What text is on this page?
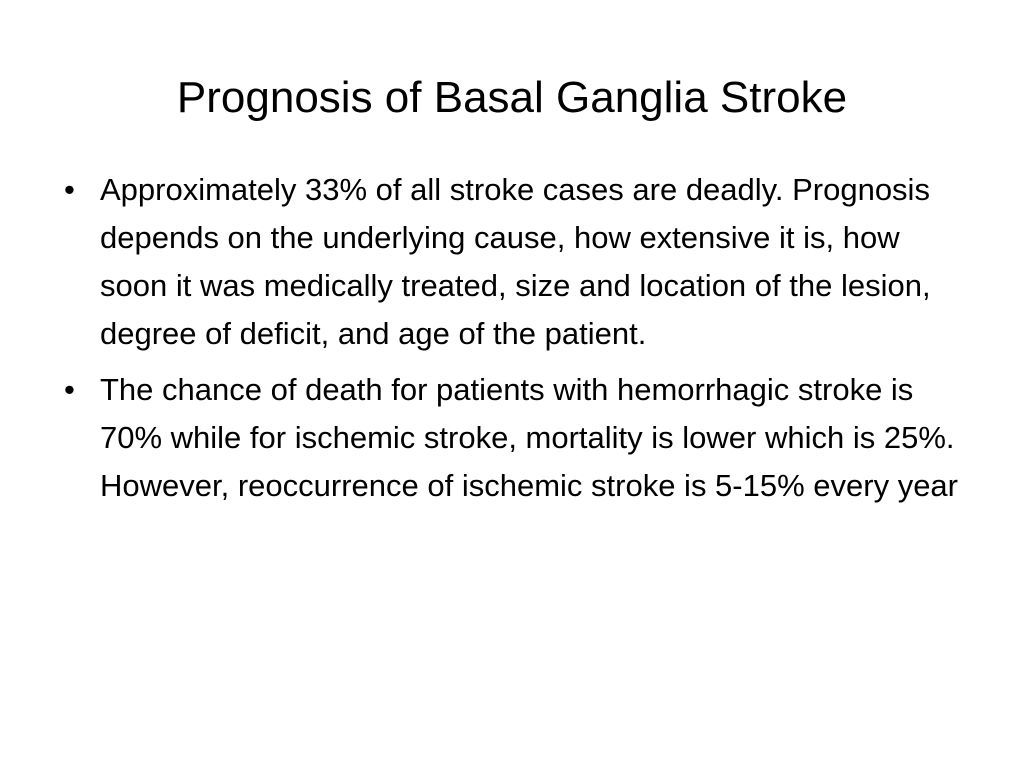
Prognosis of Basal Ganglia Stroke
• Approximately 33% of all stroke cases are deadly. Prognosis depends on the underlying cause, how extensive it is, how soon it was medically treated, size and location of the lesion, degree of deficit, and age of the patient.
• The chance of death for patients with hemorrhagic stroke is 70% while for ischemic stroke, mortality is lower which is 25%. However, reoccurrence of ischemic stroke is 5-15% every year
